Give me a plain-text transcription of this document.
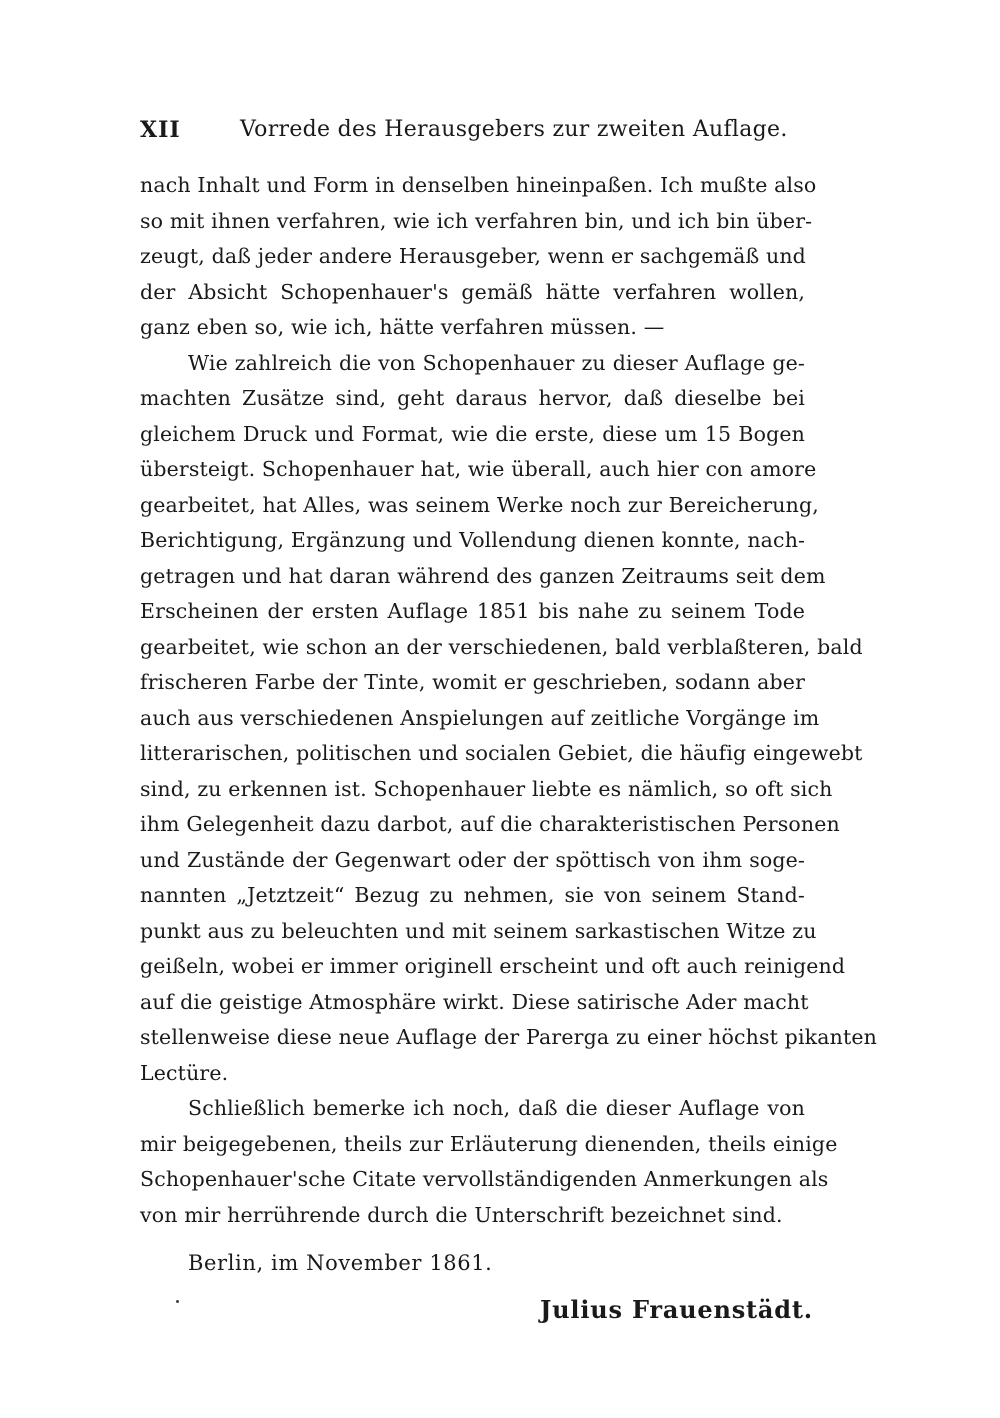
XII	Vorrede des Herausgebers zur zweiten Auflage.
nach Inhalt und Form in denselben hineinpaßen. Ich mußte also
so mit ihnen verfahren, wie ich verfahren bin, und ich bin über-
zeugt, daß jeder andere Herausgeber, wenn er sachgemäß und
der Absicht Schopenhauer's gemäß hätte verfahren wollen,
ganz eben so, wie ich, hätte verfahren müssen. —
Wie zahlreich die von Schopenhauer zu dieser Auflage ge-
machten Zusätze sind, geht daraus hervor, daß dieselbe bei
gleichem Druck und Format, wie die erste, diese um 15 Bogen
übersteigt. Schopenhauer hat, wie überall, auch hier con amore
gearbeitet, hat Alles, was seinem Werke noch zur Bereicherung,
Berichtigung, Ergänzung und Vollendung dienen konnte, nach-
getragen und hat daran während des ganzen Zeitraums seit dem
Erscheinen der ersten Auflage 1851 bis nahe zu seinem Tode
gearbeitet, wie schon an der verschiedenen, bald verblaßteren, bald
frischeren Farbe der Tinte, womit er geschrieben, sodann aber
auch aus verschiedenen Anspielungen auf zeitliche Vorgänge im
litterarischen, politischen und socialen Gebiet, die häufig eingewebt
sind, zu erkennen ist. Schopenhauer liebte es nämlich, so oft sich
ihm Gelegenheit dazu darbot, auf die charakteristischen Personen
und Zustände der Gegenwart oder der spöttisch von ihm soge-
nannten „Jetztzeit“ Bezug zu nehmen, sie von seinem Stand-
punkt aus zu beleuchten und mit seinem sarkastischen Witze zu
geißeln, wobei er immer originell erscheint und oft auch reinigend
auf die geistige Atmosphäre wirkt. Diese satirische Ader macht
stellenweise diese neue Auflage der Parerga zu einer höchst pikanten
Lectüre.
Schließlich bemerke ich noch, daß die dieser Auflage von
mir beigegebenen, theils zur Erläuterung dienenden, theils einige
Schopenhauer'sche Citate vervollständigenden Anmerkungen als
von mir herrührende durch die Unterschrift bezeichnet sind.
Berlin, im November 1861.
Julius Frauenstädt.
